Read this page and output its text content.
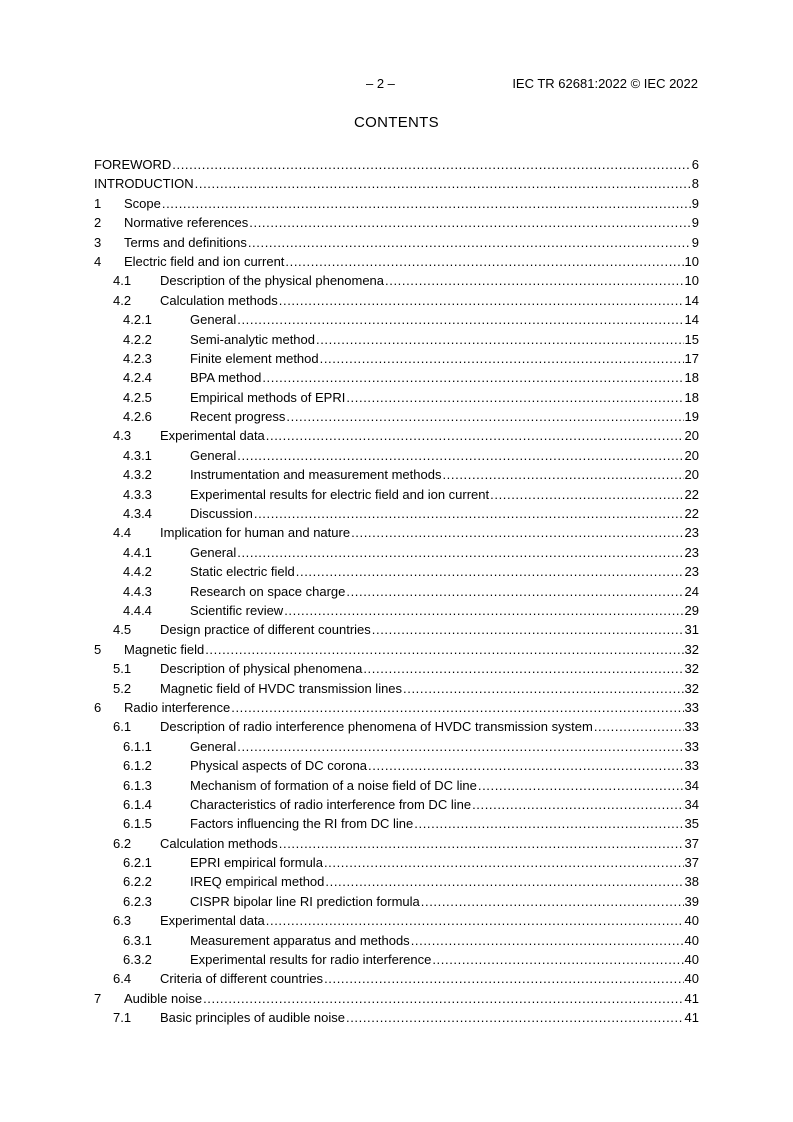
– 2 –	IEC TR 62681:2022 © IEC 2022
CONTENTS
FOREWORD .....	6
INTRODUCTION .....	8
1 Scope .....	9
2 Normative references .....	9
3 Terms and definitions .....	9
4 Electric field and ion current .....	10
4.1 Description of the physical phenomena .....	10
4.2 Calculation methods .....	14
4.2.1	General .....	14
4.2.2	Semi-analytic method .....	15
4.2.3	Finite element method .....	17
4.2.4	BPA method .....	18
4.2.5	Empirical methods of EPRI .....	18
4.2.6	Recent progress .....	19
4.3 Experimental data .....	20
4.3.1	General .....	20
4.3.2	Instrumentation and measurement methods .....	20
4.3.3	Experimental results for electric field and ion current .....	22
4.3.4	Discussion .....	22
4.4 Implication for human and nature .....	23
4.4.1	General .....	23
4.4.2	Static electric field .....	23
4.4.3	Research on space charge .....	24
4.4.4	Scientific review .....	29
4.5 Design practice of different countries .....	31
5 Magnetic field .....	32
5.1 Description of physical phenomena .....	32
5.2 Magnetic field of HVDC transmission lines .....	32
6 Radio interference .....	33
6.1 Description of radio interference phenomena of HVDC transmission system .....	33
6.1.1	General .....	33
6.1.2	Physical aspects of DC corona .....	33
6.1.3	Mechanism of formation of a noise field of DC line .....	34
6.1.4	Characteristics of radio interference from DC line .....	34
6.1.5	Factors influencing the RI from DC line .....	35
6.2 Calculation methods .....	37
6.2.1	EPRI empirical formula .....	37
6.2.2	IREQ empirical method .....	38
6.2.3	CISPR bipolar line RI prediction formula .....	39
6.3 Experimental data .....	40
6.3.1	Measurement apparatus and methods .....	40
6.3.2	Experimental results for radio interference .....	40
6.4 Criteria of different countries .....	40
7 Audible noise .....	41
7.1 Basic principles of audible noise .....	41
